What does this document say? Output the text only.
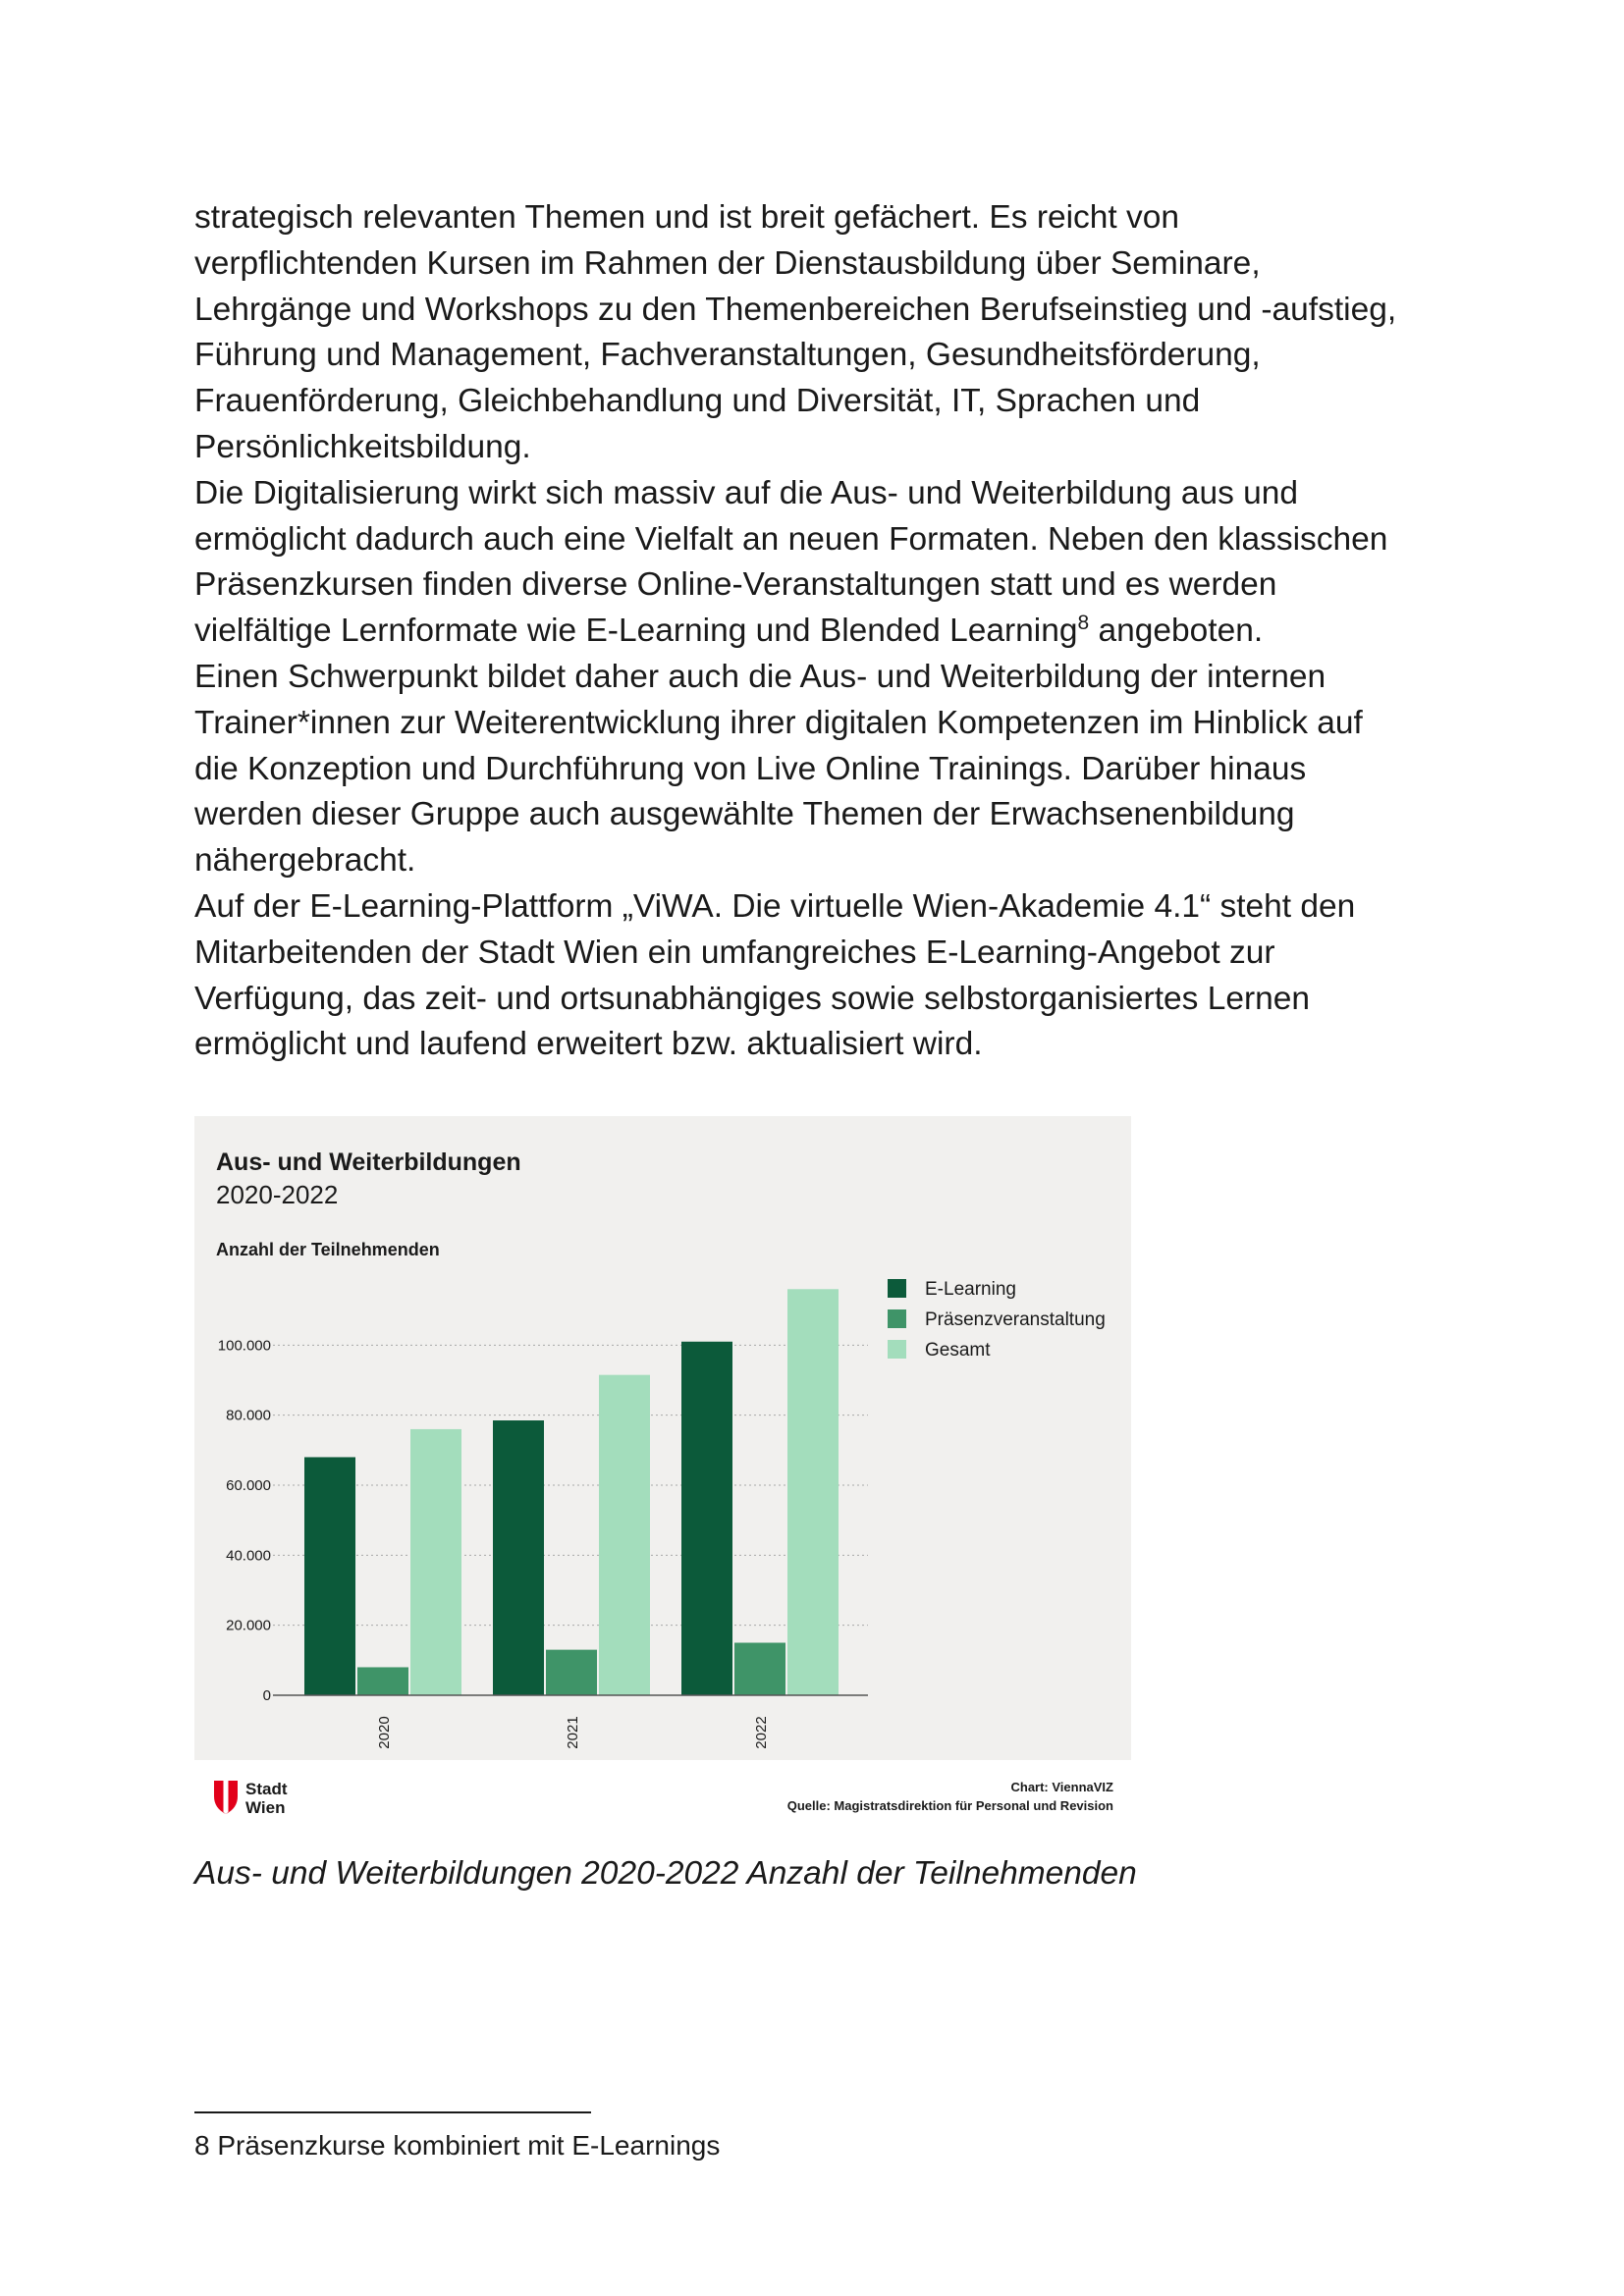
strategisch relevanten Themen und ist breit gefächert. Es reicht von
verpflichtenden Kursen im Rahmen der Dienstausbildung über Seminare,
Lehrgänge und Workshops zu den Themenbereichen Berufseinstieg und -aufstieg,
Führung und Management, Fachveranstaltungen, Gesundheitsförderung,
Frauenförderung, Gleichbehandlung und Diversität, IT, Sprachen und
Persönlichkeitsbildung.

Die Digitalisierung wirkt sich massiv auf die Aus- und Weiterbildung aus und
ermöglicht dadurch auch eine Vielfalt an neuen Formaten. Neben den klassischen
Präsenzkursen finden diverse Online-Veranstaltungen statt und es werden
vielfältige Lernformate wie E-Learning und Blended Learning$^8$ angeboten.

Einen Schwerpunkt bildet daher auch die Aus- und Weiterbildung der internen
Trainer*innen zur Weiterentwicklung ihrer digitalen Kompetenzen im Hinblick auf
die Konzeption und Durchführung von Live Online Trainings. Darüber hinaus
werden dieser Gruppe auch ausgewählte Themen der Erwachsenenbildung
nähergebracht.

Auf der E-Learning-Plattform „ViWA. Die virtuelle Wien-Akademie 4.1“ steht den
Mitarbeitenden der Stadt Wien ein umfangreiches E-Learning-Angebot zur
Verfügung, das zeit- und ortsunabhängiges sowie selbstorganisiertes Lernen
ermöglicht und laufend erweitert bzw. aktualisiert wird.

Aus- und Weiterbildungen
2020-2022
Anzahl der Teilnehmenden
0
20.000
40.000
60.000
80.000
100.000
2020	2021	2022
E-Learning
Präsenzveranstaltung
Gesamt
Stadt
Wien
Chart: ViennaVIZ
Quelle: Magistratsdirektion für Personal und Revision

Aus- und Weiterbildungen 2020-2022 Anzahl der Teilnehmenden

8 Präsenzkurse kombiniert mit E-Learnings
